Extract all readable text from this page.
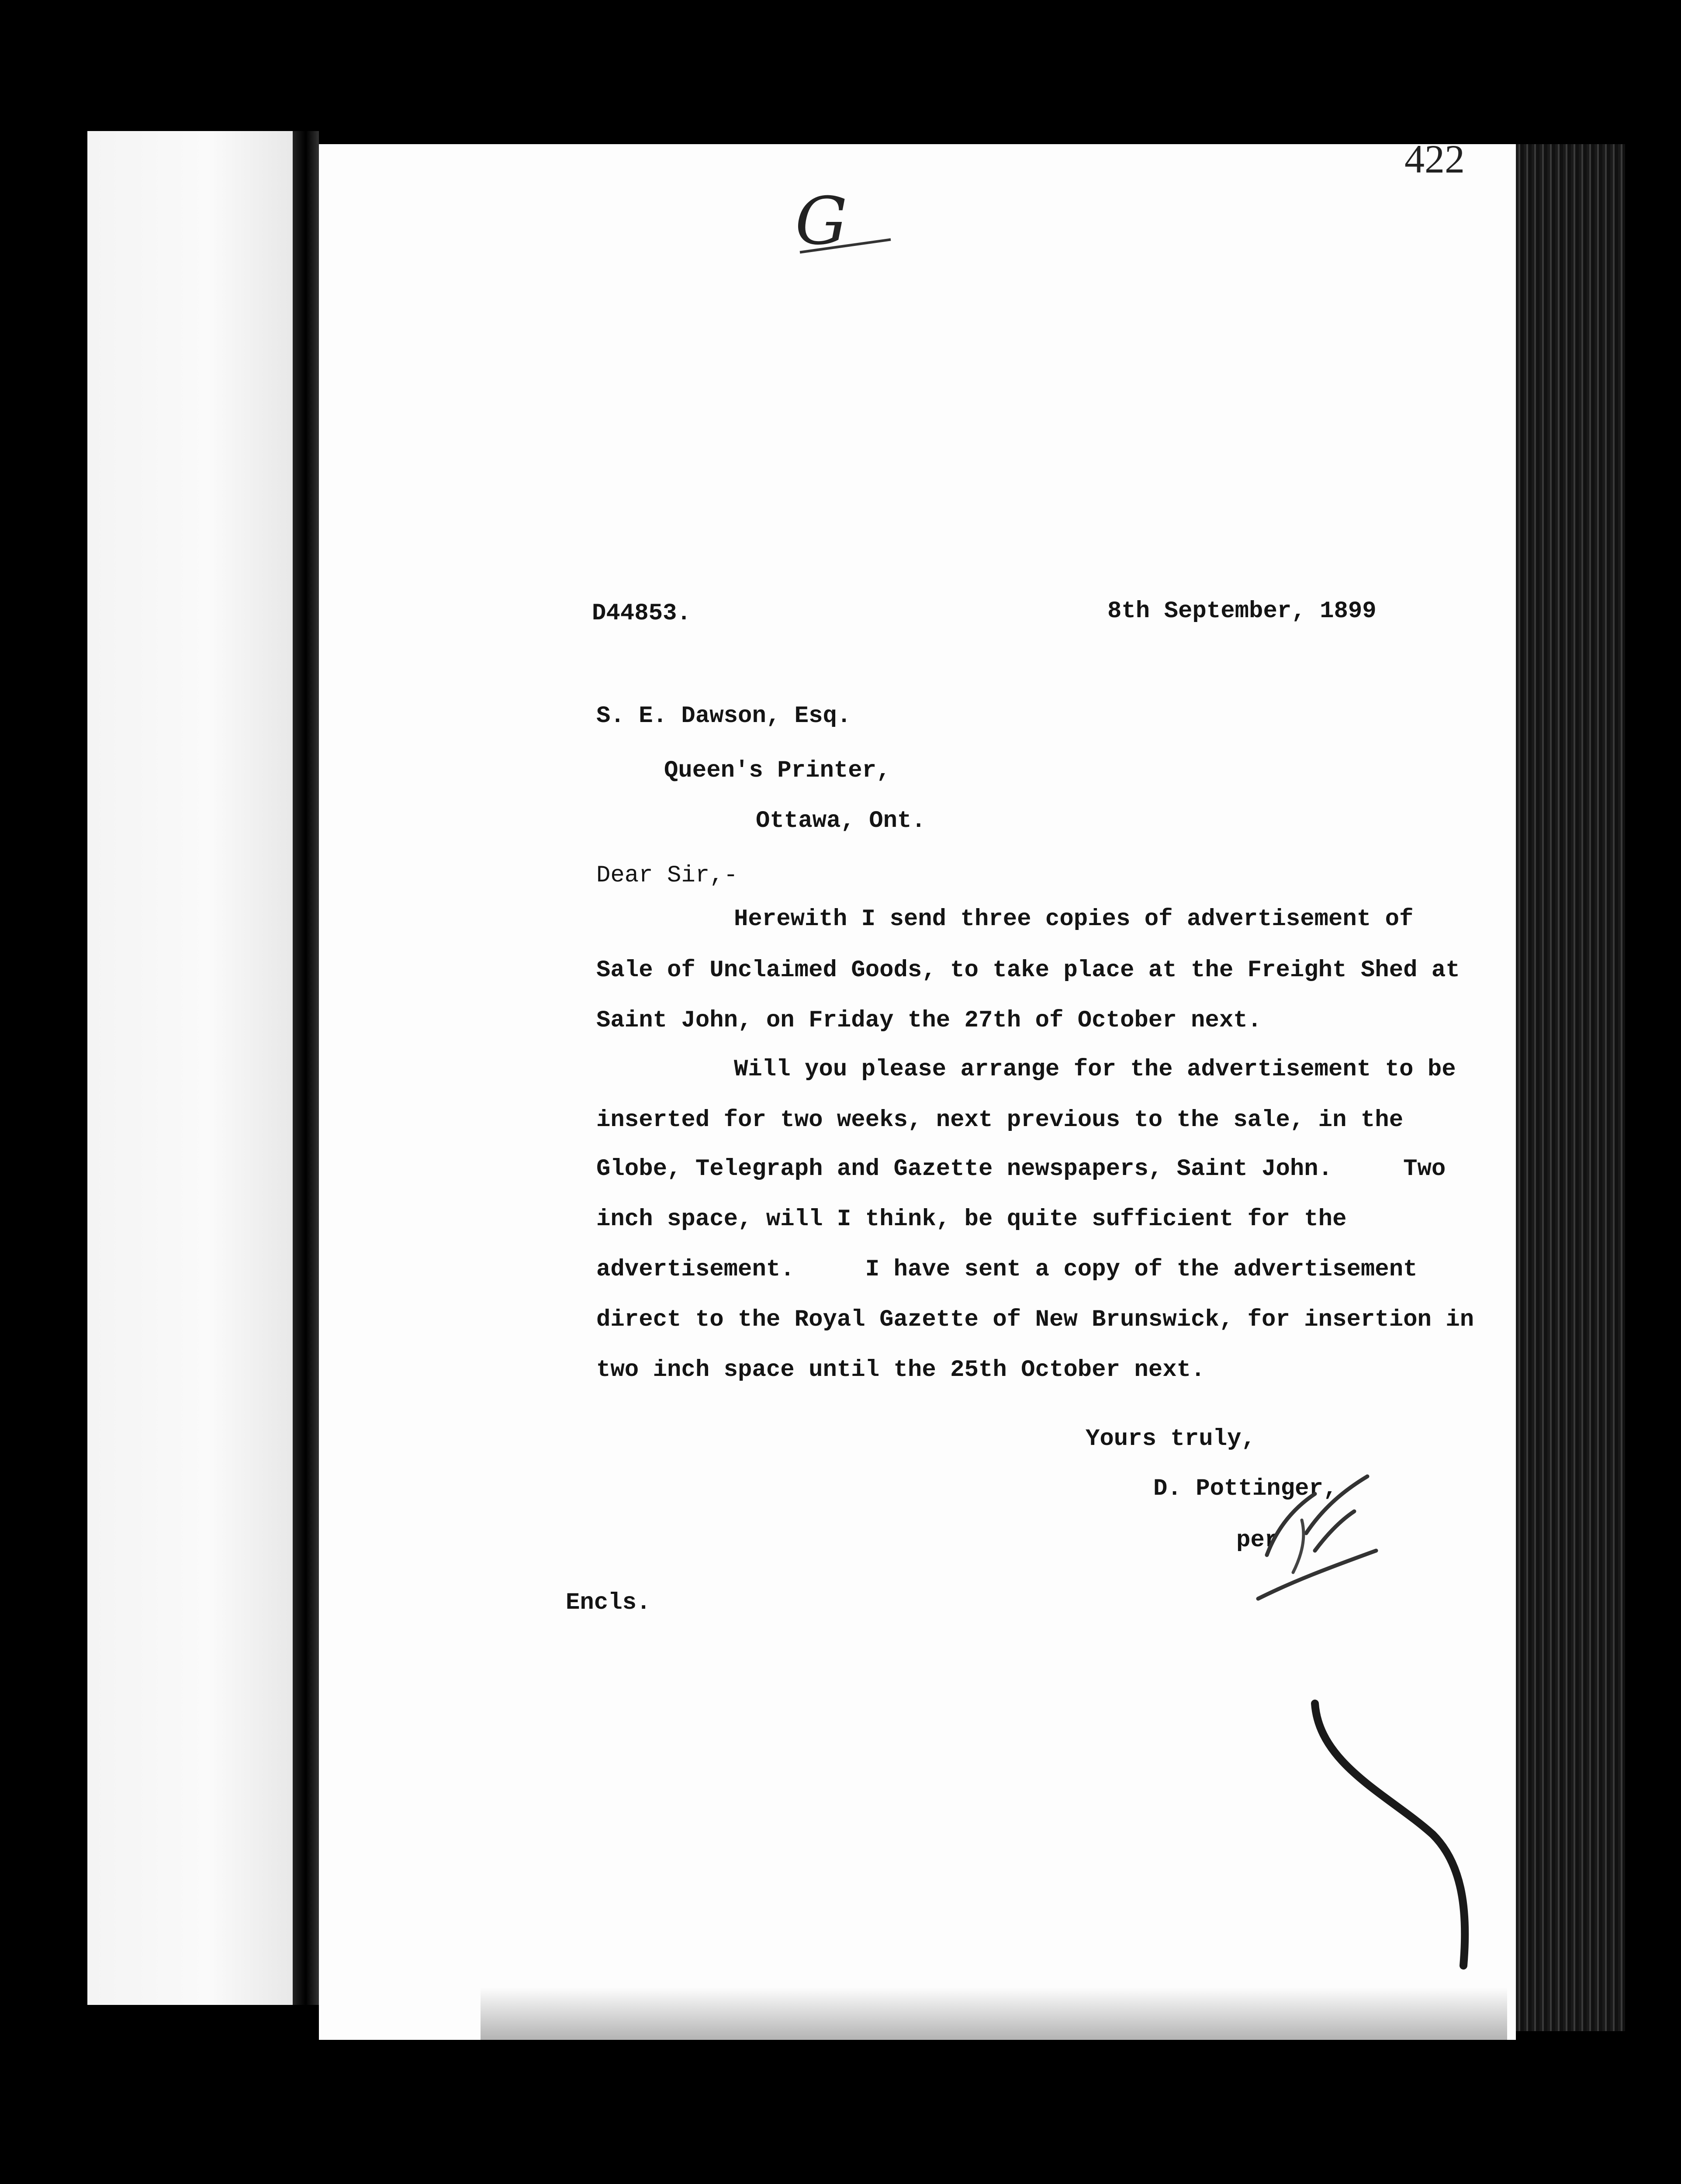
422
G
D44853.	8th September, 1899
S. E. Dawson, Esq.
Queen's Printer,
Ottawa, Ont.
Dear Sir,-
Herewith I send three copies of advertisement of
Sale of Unclaimed Goods, to take place at the Freight Shed at
Saint John, on Friday the 27th of October next.
Will you please arrange for the advertisement to be
inserted for two weeks, next previous to the sale, in the
Globe, Telegraph and Gazette newspapers, Saint John.     Two
inch space, will I think, be quite sufficient for the
advertisement.     I have sent a copy of the advertisement
direct to the Royal Gazette of New Brunswick, for insertion in
two inch space until the 25th October next.
Yours truly,
D. Pottinger,
per
Encls.
